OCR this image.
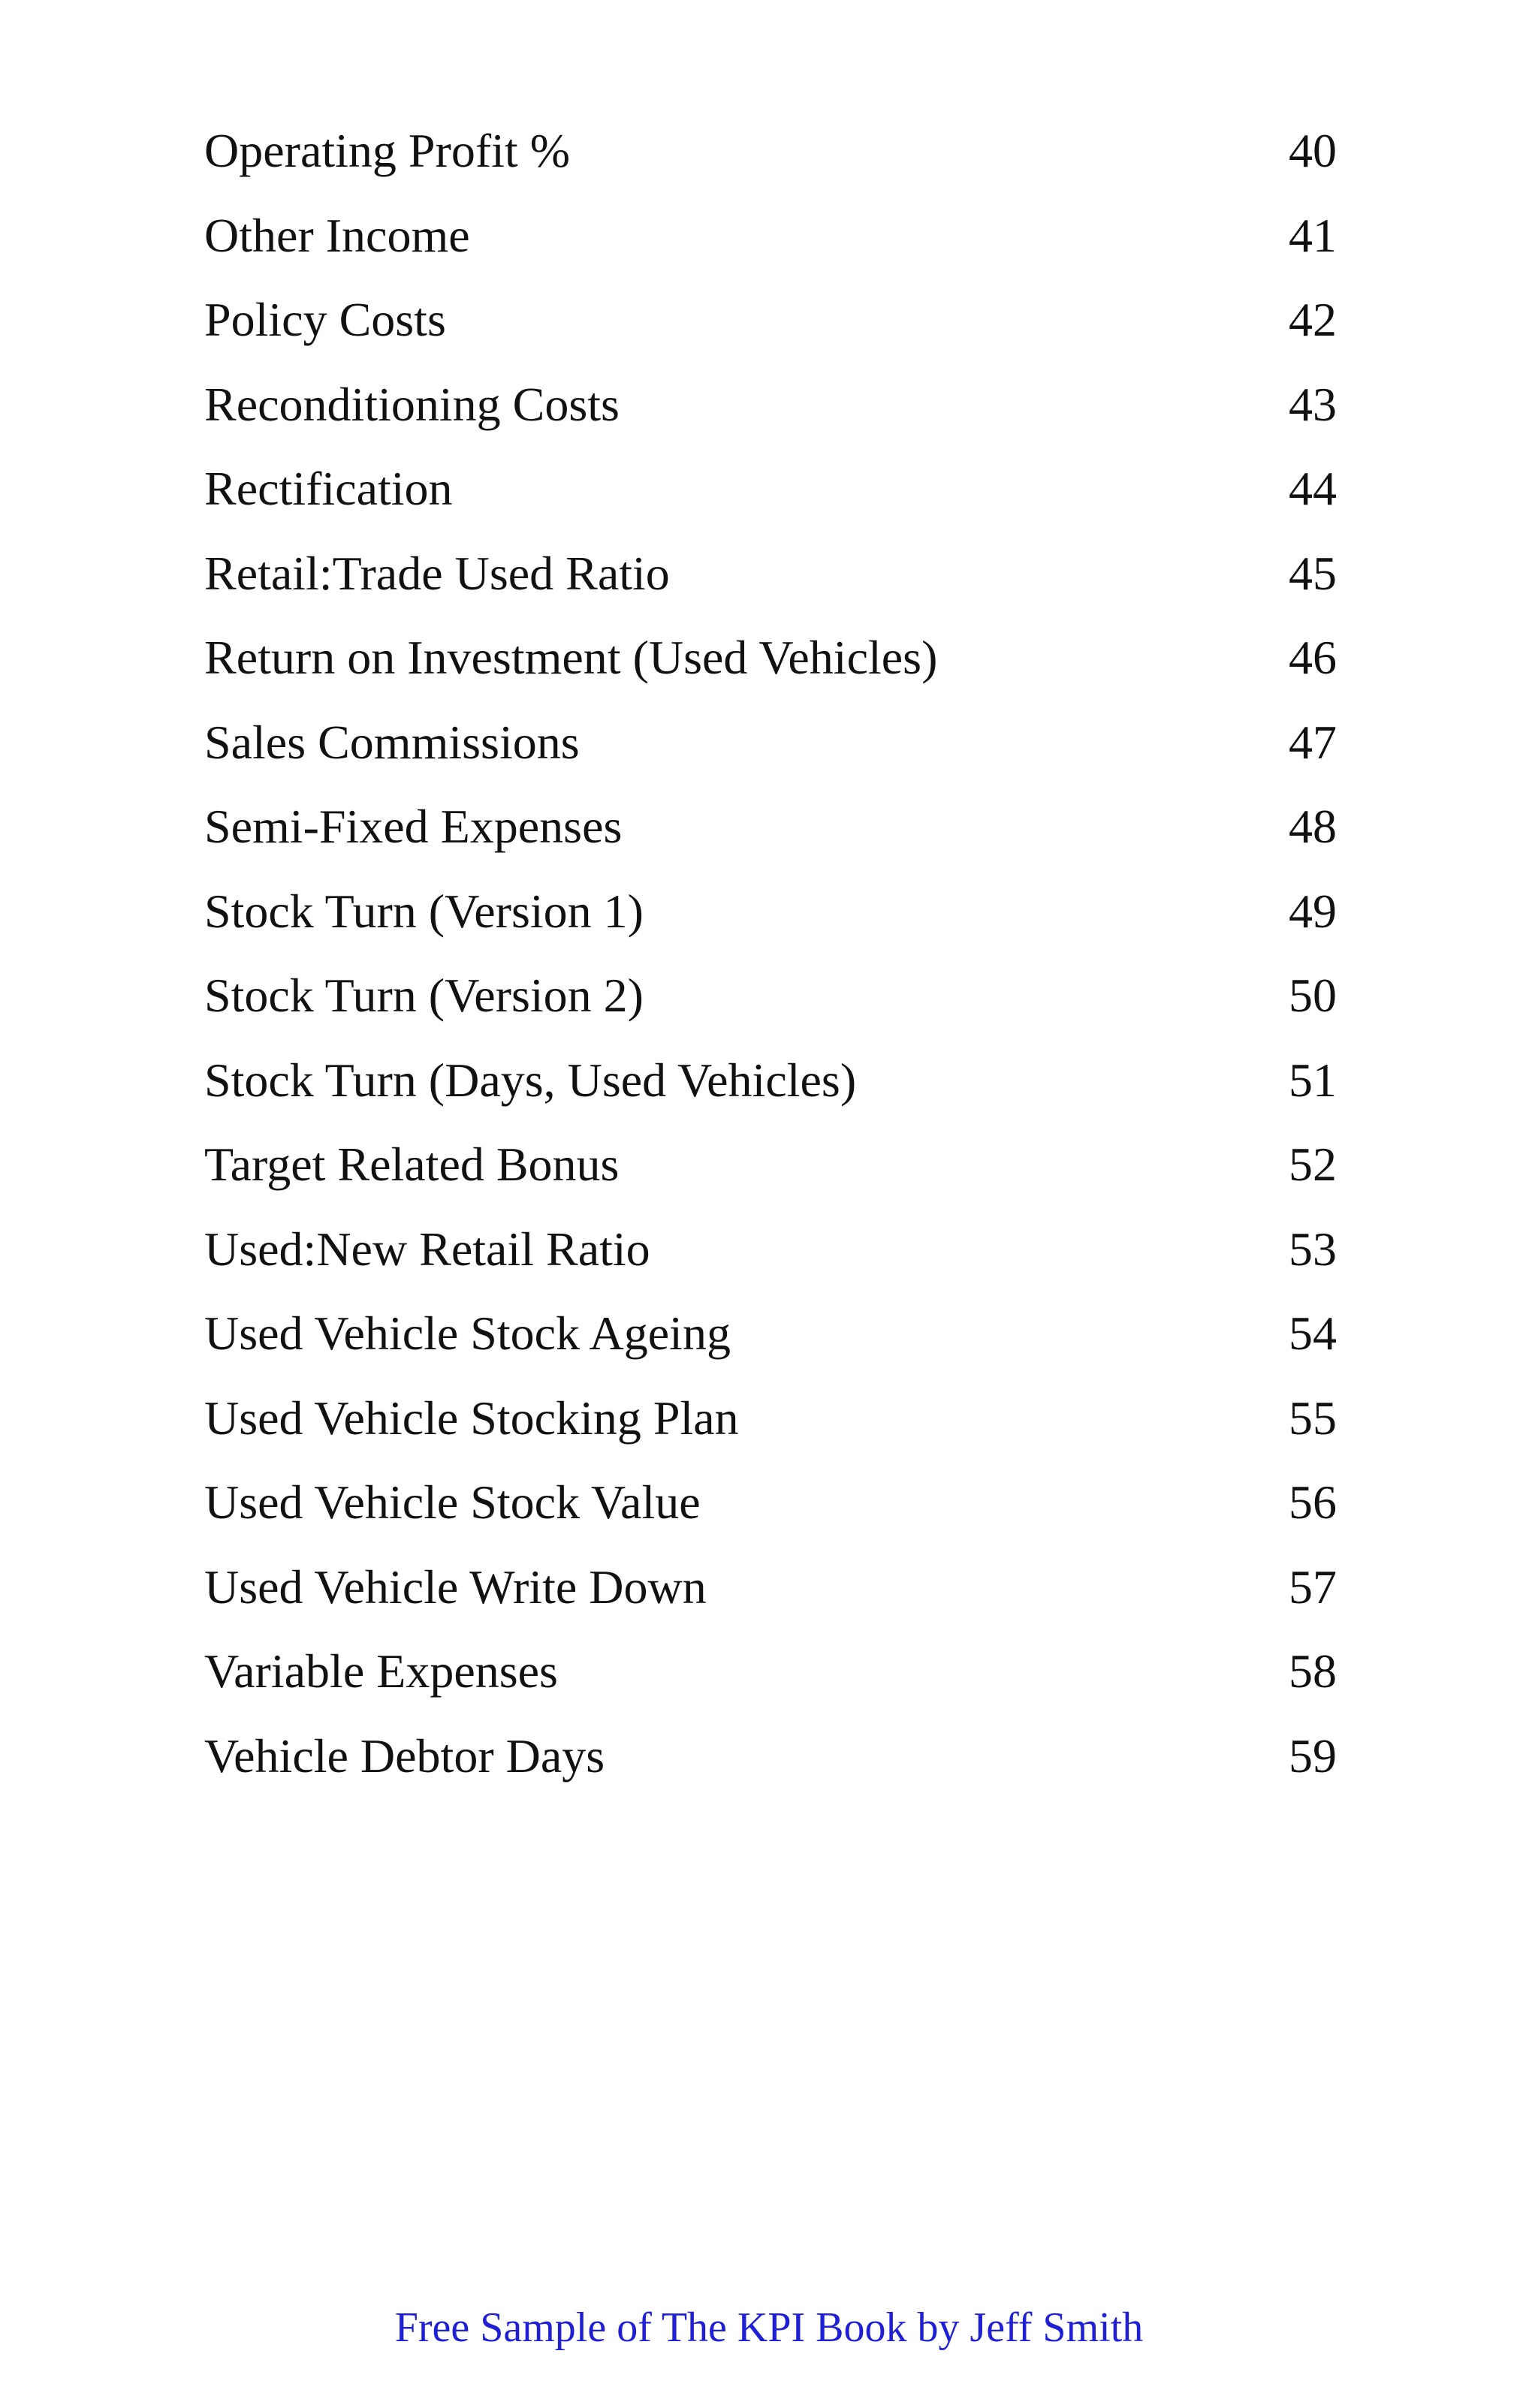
Operating Profit %	40
Other Income	41
Policy Costs	42
Reconditioning Costs	43
Rectification	44
Retail:Trade Used Ratio	45
Return on Investment (Used Vehicles)	46
Sales Commissions	47
Semi-Fixed Expenses	48
Stock Turn (Version 1)	49
Stock Turn (Version 2)	50
Stock Turn (Days, Used Vehicles)	51
Target Related Bonus	52
Used:New Retail Ratio	53
Used Vehicle Stock Ageing	54
Used Vehicle Stocking Plan	55
Used Vehicle Stock Value	56
Used Vehicle Write Down	57
Variable Expenses	58
Vehicle Debtor Days	59
Free Sample of The KPI Book by Jeff Smith
